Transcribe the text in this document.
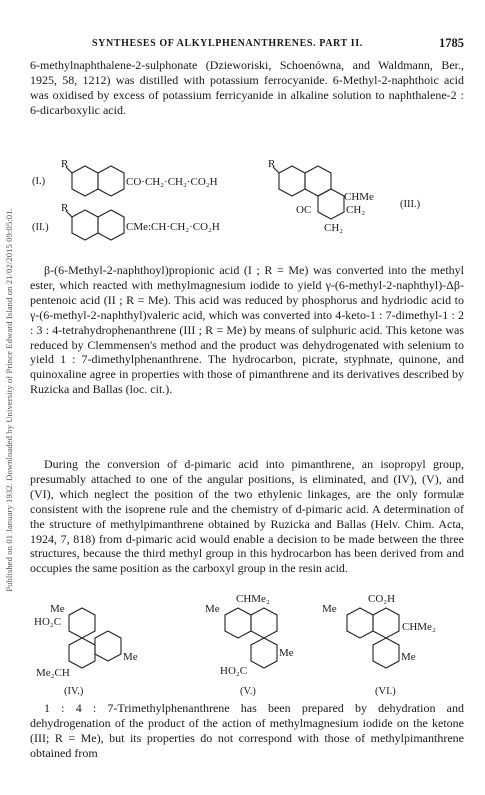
Published on 01 January 1932. Downloaded by University of Prince Edward Island on 21/02/2015 09:05:01.
SYNTHESES OF ALKYLPHENANTHRENES. PART II.	1785

6-methylnaphthalene-2-sulphonate (Dzieworiski, Schoenówna, and Waldmann, Ber., 1925, 58, 1212) was distilled with potassium ferrocyanide. 6-Methyl-2-naphthoic acid was oxidised by excess of potassium ferricyanide in alkaline solution to naphthalene-2 : 6-dicarboxylic acid.

(I.)
R
CO·CH₂·CH₂·CO₂H
(II.)
R
CMe:CH·CH₂·CO₂H
R
CHMe
CH₂
OC
CH₂
(III.)

β-(6-Methyl-2-naphthoyl)propionic acid (I ; R = Me) was converted into the methyl ester, which reacted with methylmagnesium iodide to yield γ-(6-methyl-2-naphthyl)-Δβ-pentenoic acid (II ; R = Me). This acid was reduced by phosphorus and hydriodic acid to γ-(6-methyl-2-naphthyl)valeric acid, which was converted into 4-keto-1 : 7-dimethyl-1 : 2 : 3 : 4-tetrahydrophenanthrene (III ; R = Me) by means of sulphuric acid. This ketone was reduced by Clemmensen's method and the product was dehydrogenated with selenium to yield 1 : 7-dimethylphenanthrene. The hydrocarbon, picrate, styphnate, quinone, and quinoxaline agree in properties with those of pimanthrene and its derivatives described by Ruzicka and Ballas (loc. cit.).

During the conversion of d-pimaric acid into pimanthrene, an isopropyl group, presumably attached to one of the angular positions, is eliminated, and (IV), (V), and (VI), which neglect the position of the two ethylenic linkages, are the only formulæ consistent with the isoprene rule and the chemistry of d-pimaric acid. A determination of the structure of methylpimanthrene obtained by Ruzicka and Ballas (Helv. Chim. Acta, 1924, 7, 818) from d-pimaric acid would enable a decision to be made between the three structures, because the third methyl group in this hydrocarbon has been derived from and occupies the same position as the carboxyl group in the resin acid.

Me
HO₂C
Me
Me₂CH
(IV.)
CHMe₂
Me
Me
HO₂C
(V.)
CO₂H
Me
CHMe₂
Me
(VI.)

1 : 4 : 7-Trimethylphenanthrene has been prepared by dehydration and dehydrogenation of the product of the action of methylmagnesium iodide on the ketone (III; R = Me), but its properties do not correspond with those of methylpimanthrene obtained from
